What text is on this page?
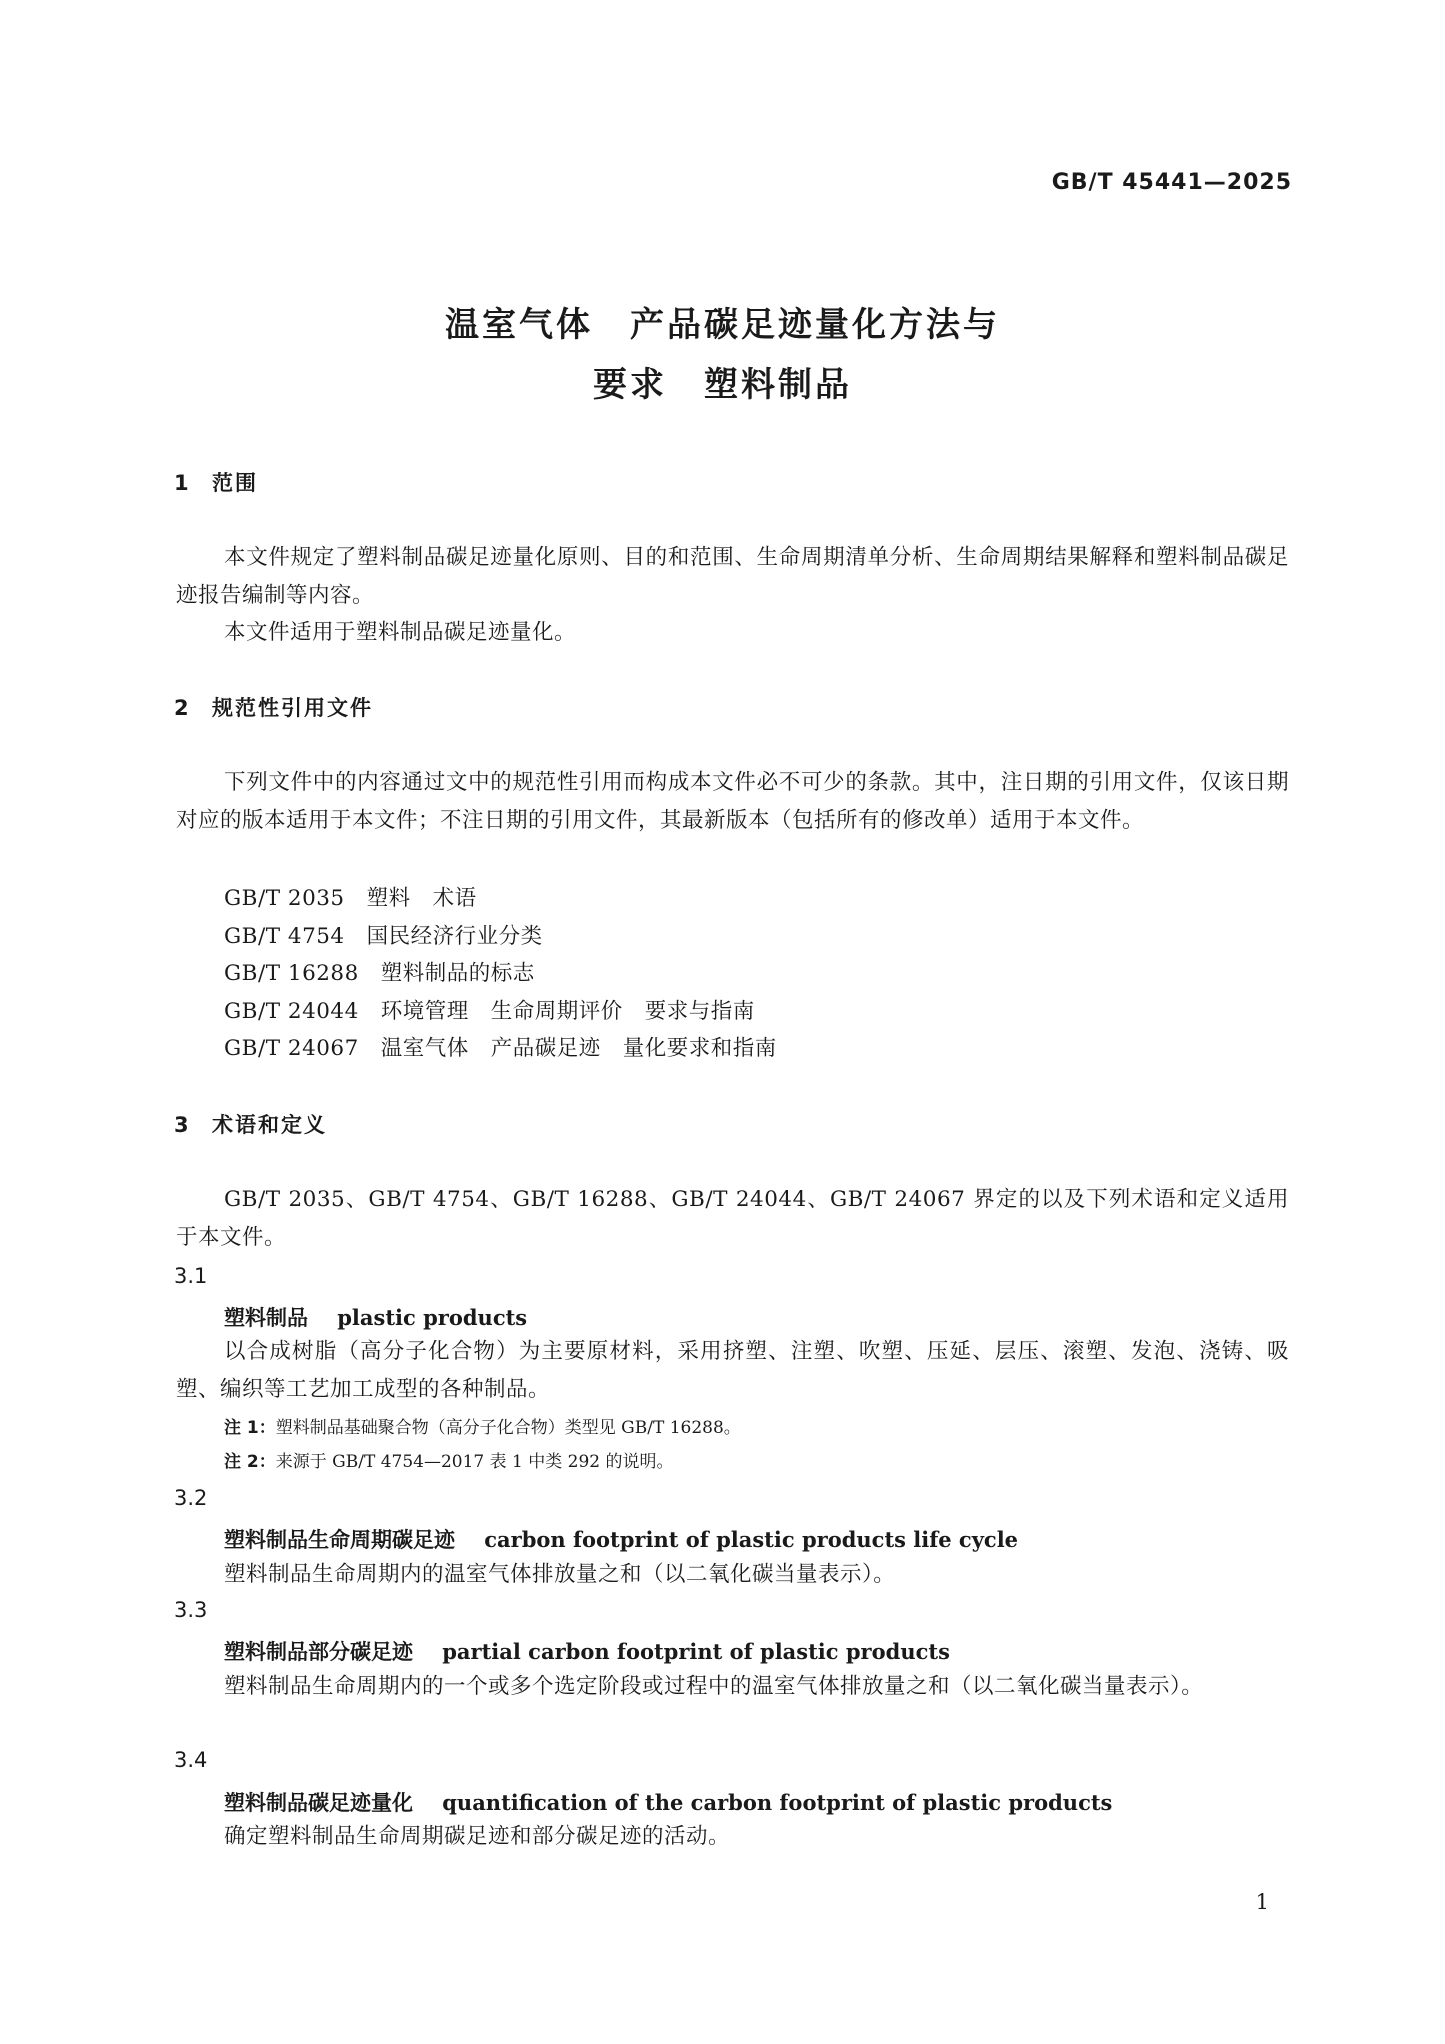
GB/T 45441—2025
温室气体　产品碳足迹量化方法与
要求　塑料制品
1 范围
本文件规定了塑料制品碳足迹量化原则、目的和范围、生命周期清单分析、生命周期结果解释和塑料制品碳足迹报告编制等内容。
本文件适用于塑料制品碳足迹量化。
2 规范性引用文件
下列文件中的内容通过文中的规范性引用而构成本文件必不可少的条款。其中，注日期的引用文件，仅该日期对应的版本适用于本文件；不注日期的引用文件，其最新版本（包括所有的修改单）适用于本文件。
GB/T 2035　塑料　术语
GB/T 4754　国民经济行业分类
GB/T 16288　塑料制品的标志
GB/T 24044　环境管理　生命周期评价　要求与指南
GB/T 24067　温室气体　产品碳足迹　量化要求和指南
3 术语和定义
GB/T 2035、GB/T 4754、GB/T 16288、GB/T 24044、GB/T 24067 界定的以及下列术语和定义适用于本文件。
3.1
塑料制品 plastic products
以合成树脂（高分子化合物）为主要原材料，采用挤塑、注塑、吹塑、压延、层压、滚塑、发泡、浇铸、吸塑、编织等工艺加工成型的各种制品。
注 1：塑料制品基础聚合物（高分子化合物）类型见 GB/T 16288。
注 2：来源于 GB/T 4754—2017 表 1 中类 292 的说明。
3.2
塑料制品生命周期碳足迹 carbon footprint of plastic products life cycle
塑料制品生命周期内的温室气体排放量之和（以二氧化碳当量表示）。
3.3
塑料制品部分碳足迹 partial carbon footprint of plastic products
塑料制品生命周期内的一个或多个选定阶段或过程中的温室气体排放量之和（以二氧化碳当量表示）。
3.4
塑料制品碳足迹量化 quantification of the carbon footprint of plastic products
确定塑料制品生命周期碳足迹和部分碳足迹的活动。
1
